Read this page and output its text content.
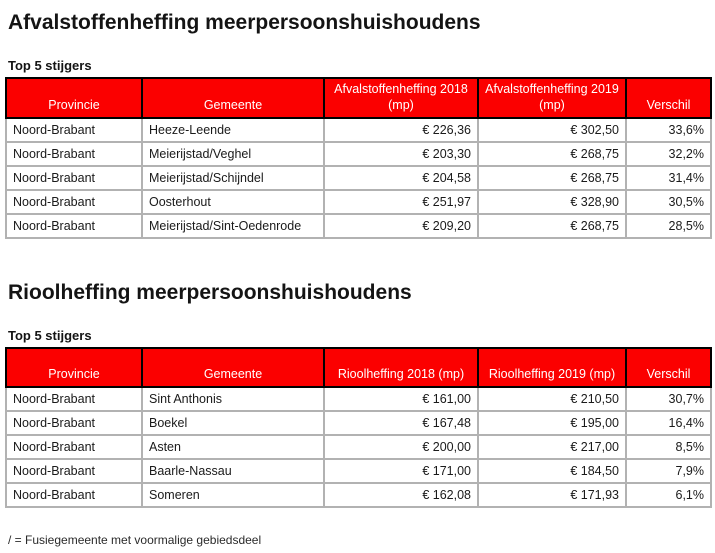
Afvalstoffenheffing meerpersoonshuishoudens
Top 5 stijgers
Provincie	Gemeente	Afvalstoffenheffing 2018 (mp)	Afvalstoffenheffing 2019 (mp)	Verschil
Noord-Brabant	Heeze-Leende	€ 226,36	€ 302,50	33,6%
Noord-Brabant	Meierijstad/Veghel	€ 203,30	€ 268,75	32,2%
Noord-Brabant	Meierijstad/Schijndel	€ 204,58	€ 268,75	31,4%
Noord-Brabant	Oosterhout	€ 251,97	€ 328,90	30,5%
Noord-Brabant	Meierijstad/Sint-Oedenrode	€ 209,20	€ 268,75	28,5%
Rioolheffing meerpersoonshuishoudens
Top 5 stijgers
Provincie	Gemeente	Rioolheffing 2018 (mp)	Rioolheffing 2019 (mp)	Verschil
Noord-Brabant	Sint Anthonis	€ 161,00	€ 210,50	30,7%
Noord-Brabant	Boekel	€ 167,48	€ 195,00	16,4%
Noord-Brabant	Asten	€ 200,00	€ 217,00	8,5%
Noord-Brabant	Baarle-Nassau	€ 171,00	€ 184,50	7,9%
Noord-Brabant	Someren	€ 162,08	€ 171,93	6,1%

/ = Fusiegemeente met voormalige gebiedsdeel
